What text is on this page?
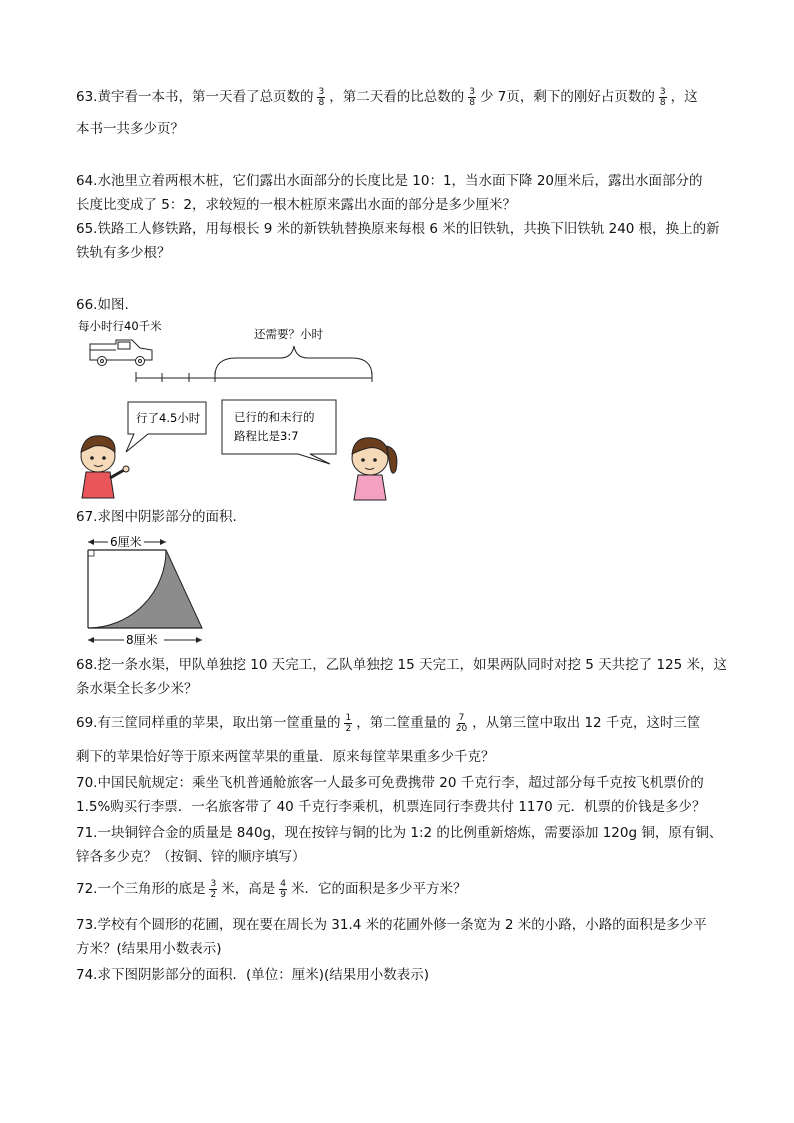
63.黄宇看一本书，第一天看了总页数的 $\frac{3}{8}$ ，第二天看的比总数的 $\frac{3}{8}$ 少 7页，剩下的刚好占页数的 $\frac{3}{8}$ ，这
本书一共多少页？
64.水池里立着两根木桩，它们露出水面部分的长度比是 10：1，当水面下降 20厘米后，露出水面部分的
长度比变成了 5：2，求较短的一根木桩原来露出水面的部分是多少厘米？
65.铁路工人修铁路，用每根长 9 米的新铁轨替换原来每根 6 米的旧铁轨，共换下旧铁轨 240 根，换上的新
铁轨有多少根？
66.如图.
每小时行40千米
还需要？小时
行了4.5小时	已行的和未行的
路程比是3:7
67.求图中阴影部分的面积.
6厘米
8厘米
68.挖一条水渠，甲队单独挖 10 天完工，乙队单独挖 15 天完工，如果两队同时对挖 5 天共挖了 125 米，这
条水渠全长多少米？
69.有三筐同样重的苹果，取出第一筐重量的 $\frac{1}{2}$ ，第二筐重量的 $\frac{7}{20}$ ，从第三筐中取出 12 千克，这时三筐
剩下的苹果恰好等于原来两筐苹果的重量．原来每筐苹果重多少千克？
70.中国民航规定：乘坐飞机普通舱旅客一人最多可免费携带 20 千克行李，超过部分每千克按飞机票价的
1.5%购买行李票．一名旅客带了 40 千克行李乘机，机票连同行李费共付 1170 元．机票的价钱是多少？
71.一块铜锌合金的质量是 840g，现在按锌与铜的比为 1:2 的比例重新熔炼，需要添加 120g 铜，原有铜、
锌各多少克？（按铜、锌的顺序填写）
72.一个三角形的底是 $\frac{3}{2}$ 米，高是 $\frac{4}{9}$ 米．它的面积是多少平方米？
73.学校有个圆形的花圃，现在要在周长为 31.4 米的花圃外修一条宽为 2 米的小路，小路的面积是多少平
方米？(结果用小数表示)
74.求下图阴影部分的面积．(单位：厘米)(结果用小数表示)
